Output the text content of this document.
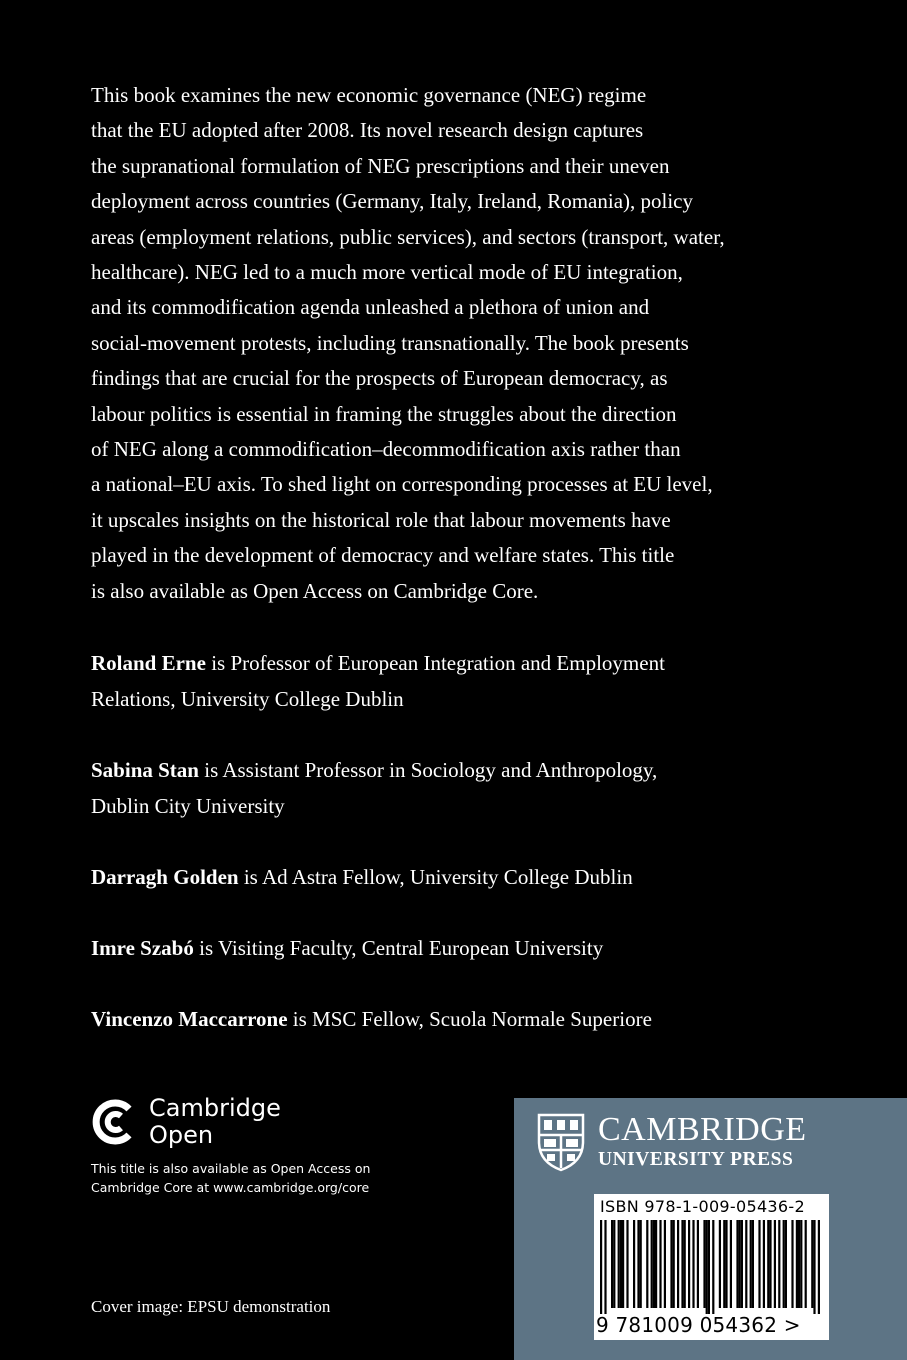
This book examines the new economic governance (NEG) regime
that the EU adopted after 2008. Its novel research design captures
the supranational formulation of NEG prescriptions and their uneven
deployment across countries (Germany, Italy, Ireland, Romania), policy
areas (employment relations, public services), and sectors (transport, water,
healthcare). NEG led to a much more vertical mode of EU integration,
and its commodification agenda unleashed a plethora of union and
social-movement protests, including transnationally. The book presents
findings that are crucial for the prospects of European democracy, as
labour politics is essential in framing the struggles about the direction
of NEG along a commodification–decommodification axis rather than
a national–EU axis. To shed light on corresponding processes at EU level,
it upscales insights on the historical role that labour movements have
played in the development of democracy and welfare states. This title
is also available as Open Access on Cambridge Core.
Roland Erne is Professor of European Integration and Employment
Relations, University College Dublin
Sabina Stan is Assistant Professor in Sociology and Anthropology,
Dublin City University
Darragh Golden is Ad Astra Fellow, University College Dublin
Imre Szabó is Visiting Faculty, Central European University
Vincenzo Maccarrone is MSC Fellow, Scuola Normale Superiore
Cambridge
Open
This title is also available as Open Access on
Cambridge Core at www.cambridge.org/core
Cover image: EPSU demonstration
CAMBRIDGE
UNIVERSITY PRESS
ISBN 978-1-009-05436-2
9 781009 054362 >
